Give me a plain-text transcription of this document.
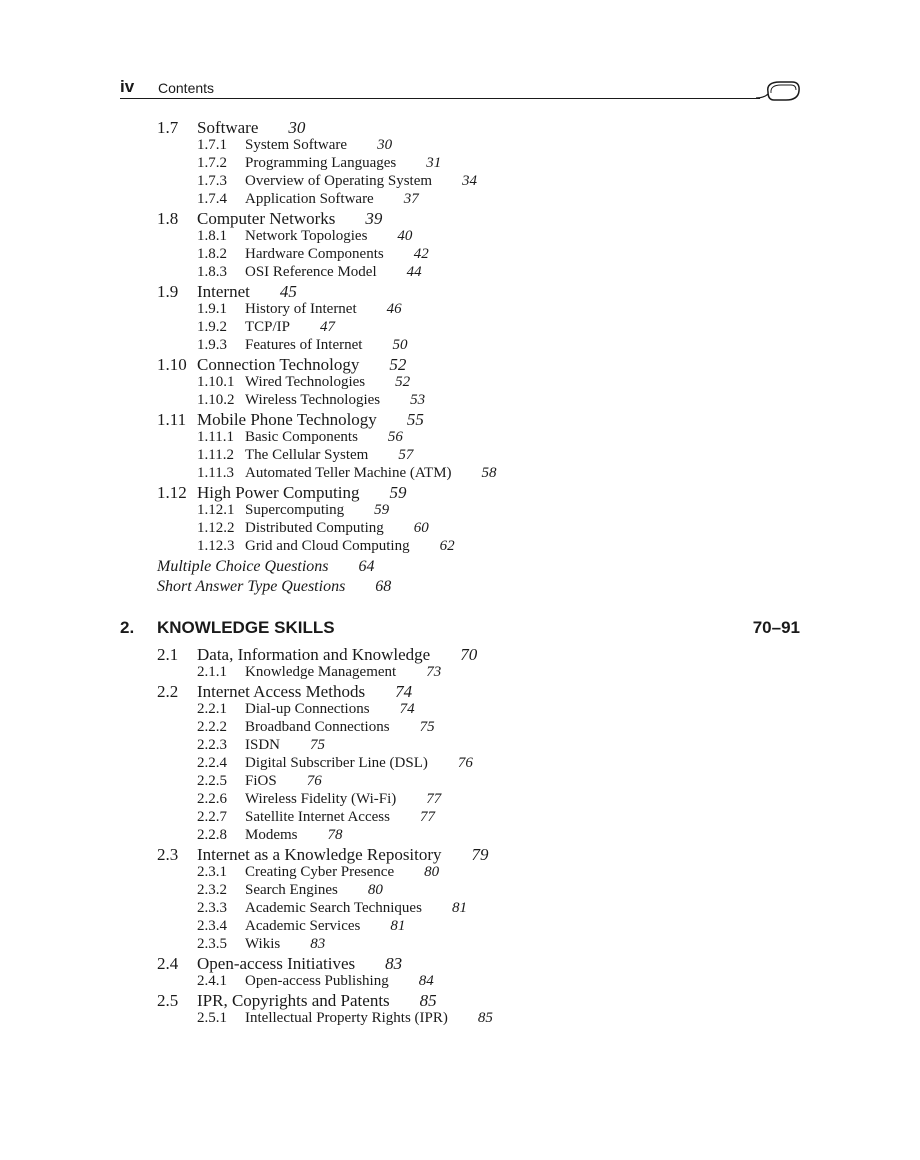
iv Contents
1.7 Software 30
1.7.1 System Software 30
1.7.2 Programming Languages 31
1.7.3 Overview of Operating System 34
1.7.4 Application Software 37
1.8 Computer Networks 39
1.8.1 Network Topologies 40
1.8.2 Hardware Components 42
1.8.3 OSI Reference Model 44
1.9 Internet 45
1.9.1 History of Internet 46
1.9.2 TCP/IP 47
1.9.3 Features of Internet 50
1.10 Connection Technology 52
1.10.1 Wired Technologies 52
1.10.2 Wireless Technologies 53
1.11 Mobile Phone Technology 55
1.11.1 Basic Components 56
1.11.2 The Cellular System 57
1.11.3 Automated Teller Machine (ATM) 58
1.12 High Power Computing 59
1.12.1 Supercomputing 59
1.12.2 Distributed Computing 60
1.12.3 Grid and Cloud Computing 62
Multiple Choice Questions 64
Short Answer Type Questions 68
2.1 Data, Information and Knowledge 70
2.1.1 Knowledge Management 73
2.2 Internet Access Methods 74
2.2.1 Dial-up Connections 74
2.2.2 Broadband Connections 75
2.2.3 ISDN 75
2.2.4 Digital Subscriber Line (DSL) 76
2.2.5 FiOS 76
2.2.6 Wireless Fidelity (Wi-Fi) 77
2.2.7 Satellite Internet Access 77
2.2.8 Modems 78
2.3 Internet as a Knowledge Repository 79
2.3.1 Creating Cyber Presence 80
2.3.2 Search Engines 80
2.3.3 Academic Search Techniques 81
2.3.4 Academic Services 81
2.3.5 Wikis 83
2.4 Open-access Initiatives 83
2.4.1 Open-access Publishing 84
2.5 IPR, Copyrights and Patents 85
2.5.1 Intellectual Property Rights (IPR) 85
2. KNOWLEDGE SKILLS	70–91
